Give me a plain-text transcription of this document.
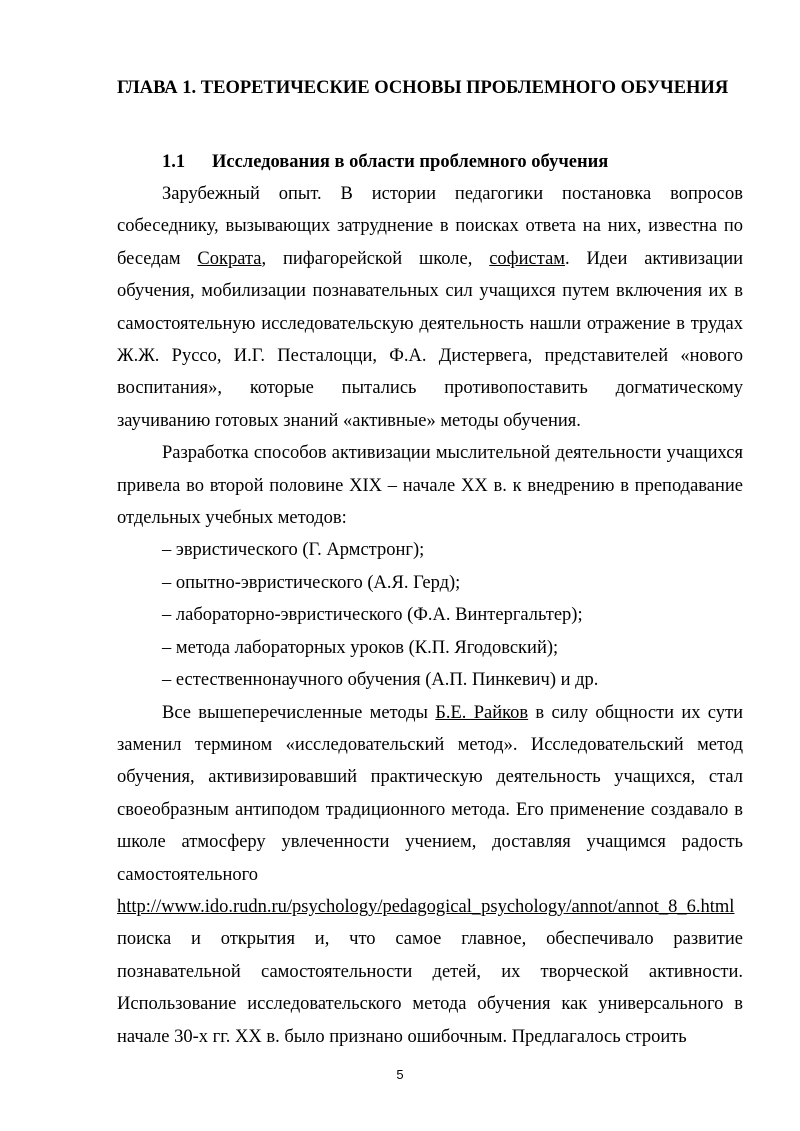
ГЛАВА 1. ТЕОРЕТИЧЕСКИЕ ОСНОВЫ ПРОБЛЕМНОГО ОБУЧЕНИЯ
1.1 Исследования в области проблемного обучения

Зарубежный опыт. В истории педагогики постановка вопросов собеседнику, вызывающих затруднение в поисках ответа на них, известна по беседам Сократа, пифагорейской школе, софистам. Идеи активизации обучения, мобилизации познавательных сил учащихся путем включения их в самостоятельную исследовательскую деятельность нашли отражение в трудах Ж.Ж. Руссо, И.Г. Песталоцци, Ф.А. Дистервега, представителей «нового воспитания», которые пытались противопоставить догматическому заучиванию готовых знаний «активные» методы обучения.

Разработка способов активизации мыслительной деятельности учащихся привела во второй половине XIX – начале XX в. к внедрению в преподавание отдельных учебных методов:

– эвристического (Г. Армстронг);

– опытно-эвристического (А.Я. Герд);

– лабораторно-эвристического (Ф.А. Винтергальтер);

– метода лабораторных уроков (К.П. Ягодовский);

– естественнонаучного обучения (А.П. Пинкевич) и др.

Все вышеперечисленные методы Б.Е. Райков в силу общности их сути заменил термином «исследовательский метод». Исследовательский метод обучения, активизировавший практическую деятельность учащихся, стал своеобразным антиподом традиционного метода. Его применение создавало в школе атмосферу увлеченности учением, доставляя учащимся радость самостоятельного

http://www.ido.rudn.ru/psychology/pedagogical_psychology/annot/annot_8_6.html

поиска и открытия и, что самое главное, обеспечивало развитие познавательной самостоятельности детей, их творческой активности. Использование исследовательского метода обучения как универсального в начале 30-х гг. XX в. было признано ошибочным. Предлагалось строить

5
